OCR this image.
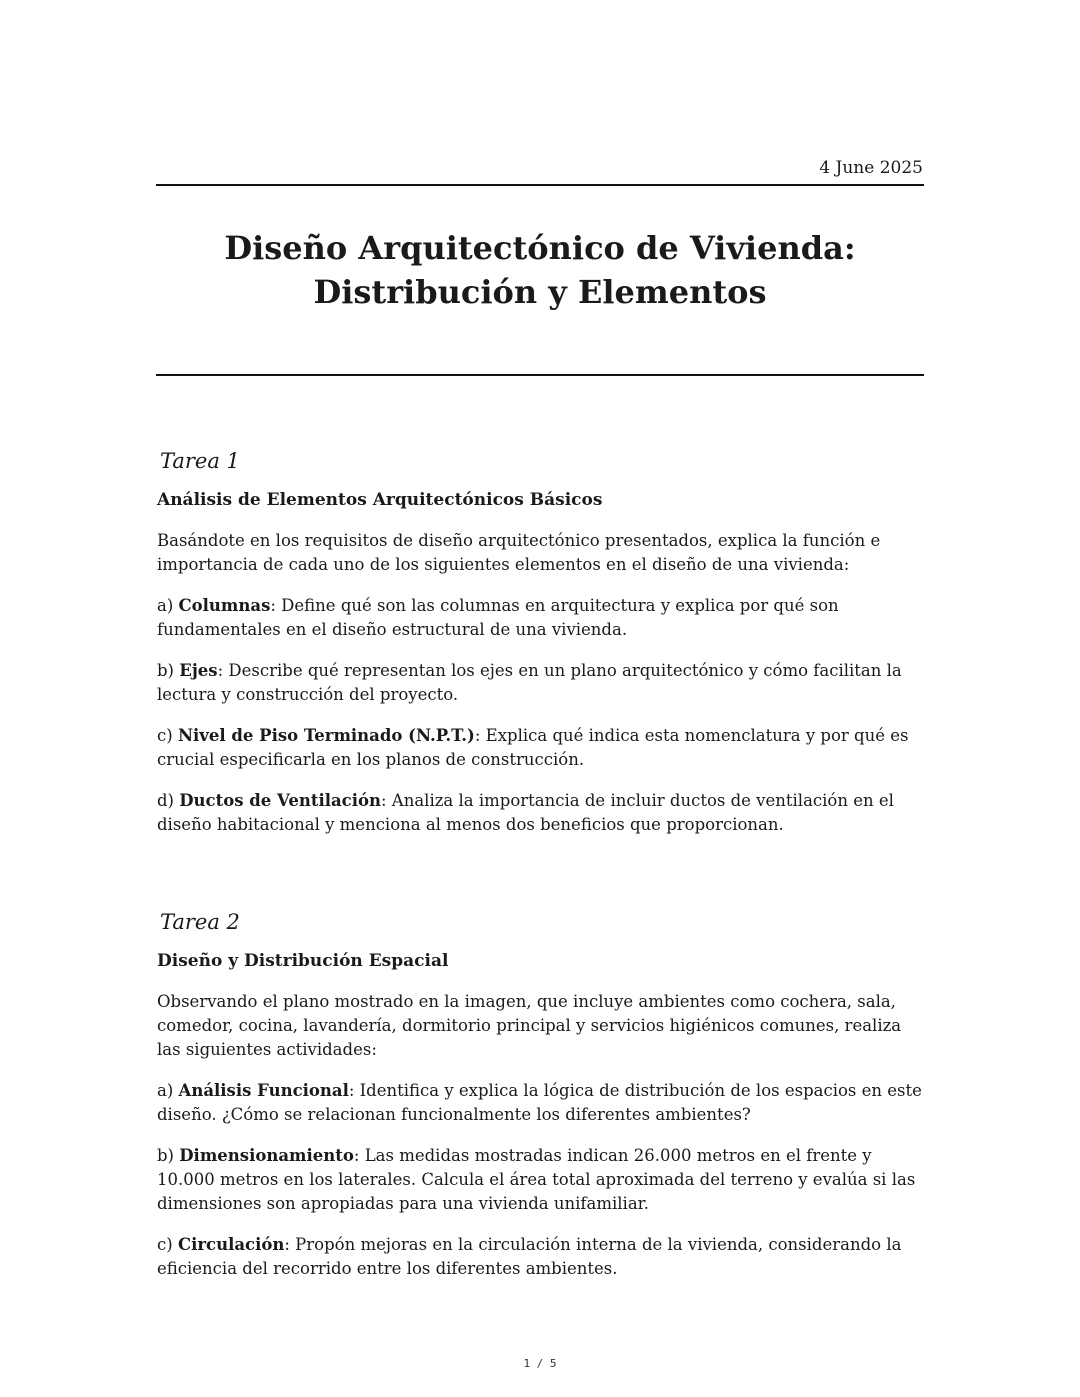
4 June 2025
Diseño Arquitectónico de Vivienda:
Distribución y Elementos
Tarea 1
Análisis de Elementos Arquitectónicos Básicos

Basándote en los requisitos de diseño arquitectónico presentados, explica la función e importancia de cada uno de los siguientes elementos en el diseño de una vivienda:

a) Columnas: Define qué son las columnas en arquitectura y explica por qué son fundamentales en el diseño estructural de una vivienda.

b) Ejes: Describe qué representan los ejes en un plano arquitectónico y cómo facilitan la lectura y construcción del proyecto.

c) Nivel de Piso Terminado (N.P.T.): Explica qué indica esta nomenclatura y por qué es crucial especificarla en los planos de construcción.

d) Ductos de Ventilación: Analiza la importancia de incluir ductos de ventilación en el diseño habitacional y menciona al menos dos beneficios que proporcionan.

Tarea 2
Diseño y Distribución Espacial

Observando el plano mostrado en la imagen, que incluye ambientes como cochera, sala, comedor, cocina, lavandería, dormitorio principal y servicios higiénicos comunes, realiza las siguientes actividades:

a) Análisis Funcional: Identifica y explica la lógica de distribución de los espacios en este diseño. ¿Cómo se relacionan funcionalmente los diferentes ambientes?

b) Dimensionamiento: Las medidas mostradas indican 26.000 metros en el frente y 10.000 metros en los laterales. Calcula el área total aproximada del terreno y evalúa si las dimensiones son apropiadas para una vivienda unifamiliar.

c) Circulación: Propón mejoras en la circulación interna de la vivienda, considerando la eficiencia del recorrido entre los diferentes ambientes.

1 / 5
